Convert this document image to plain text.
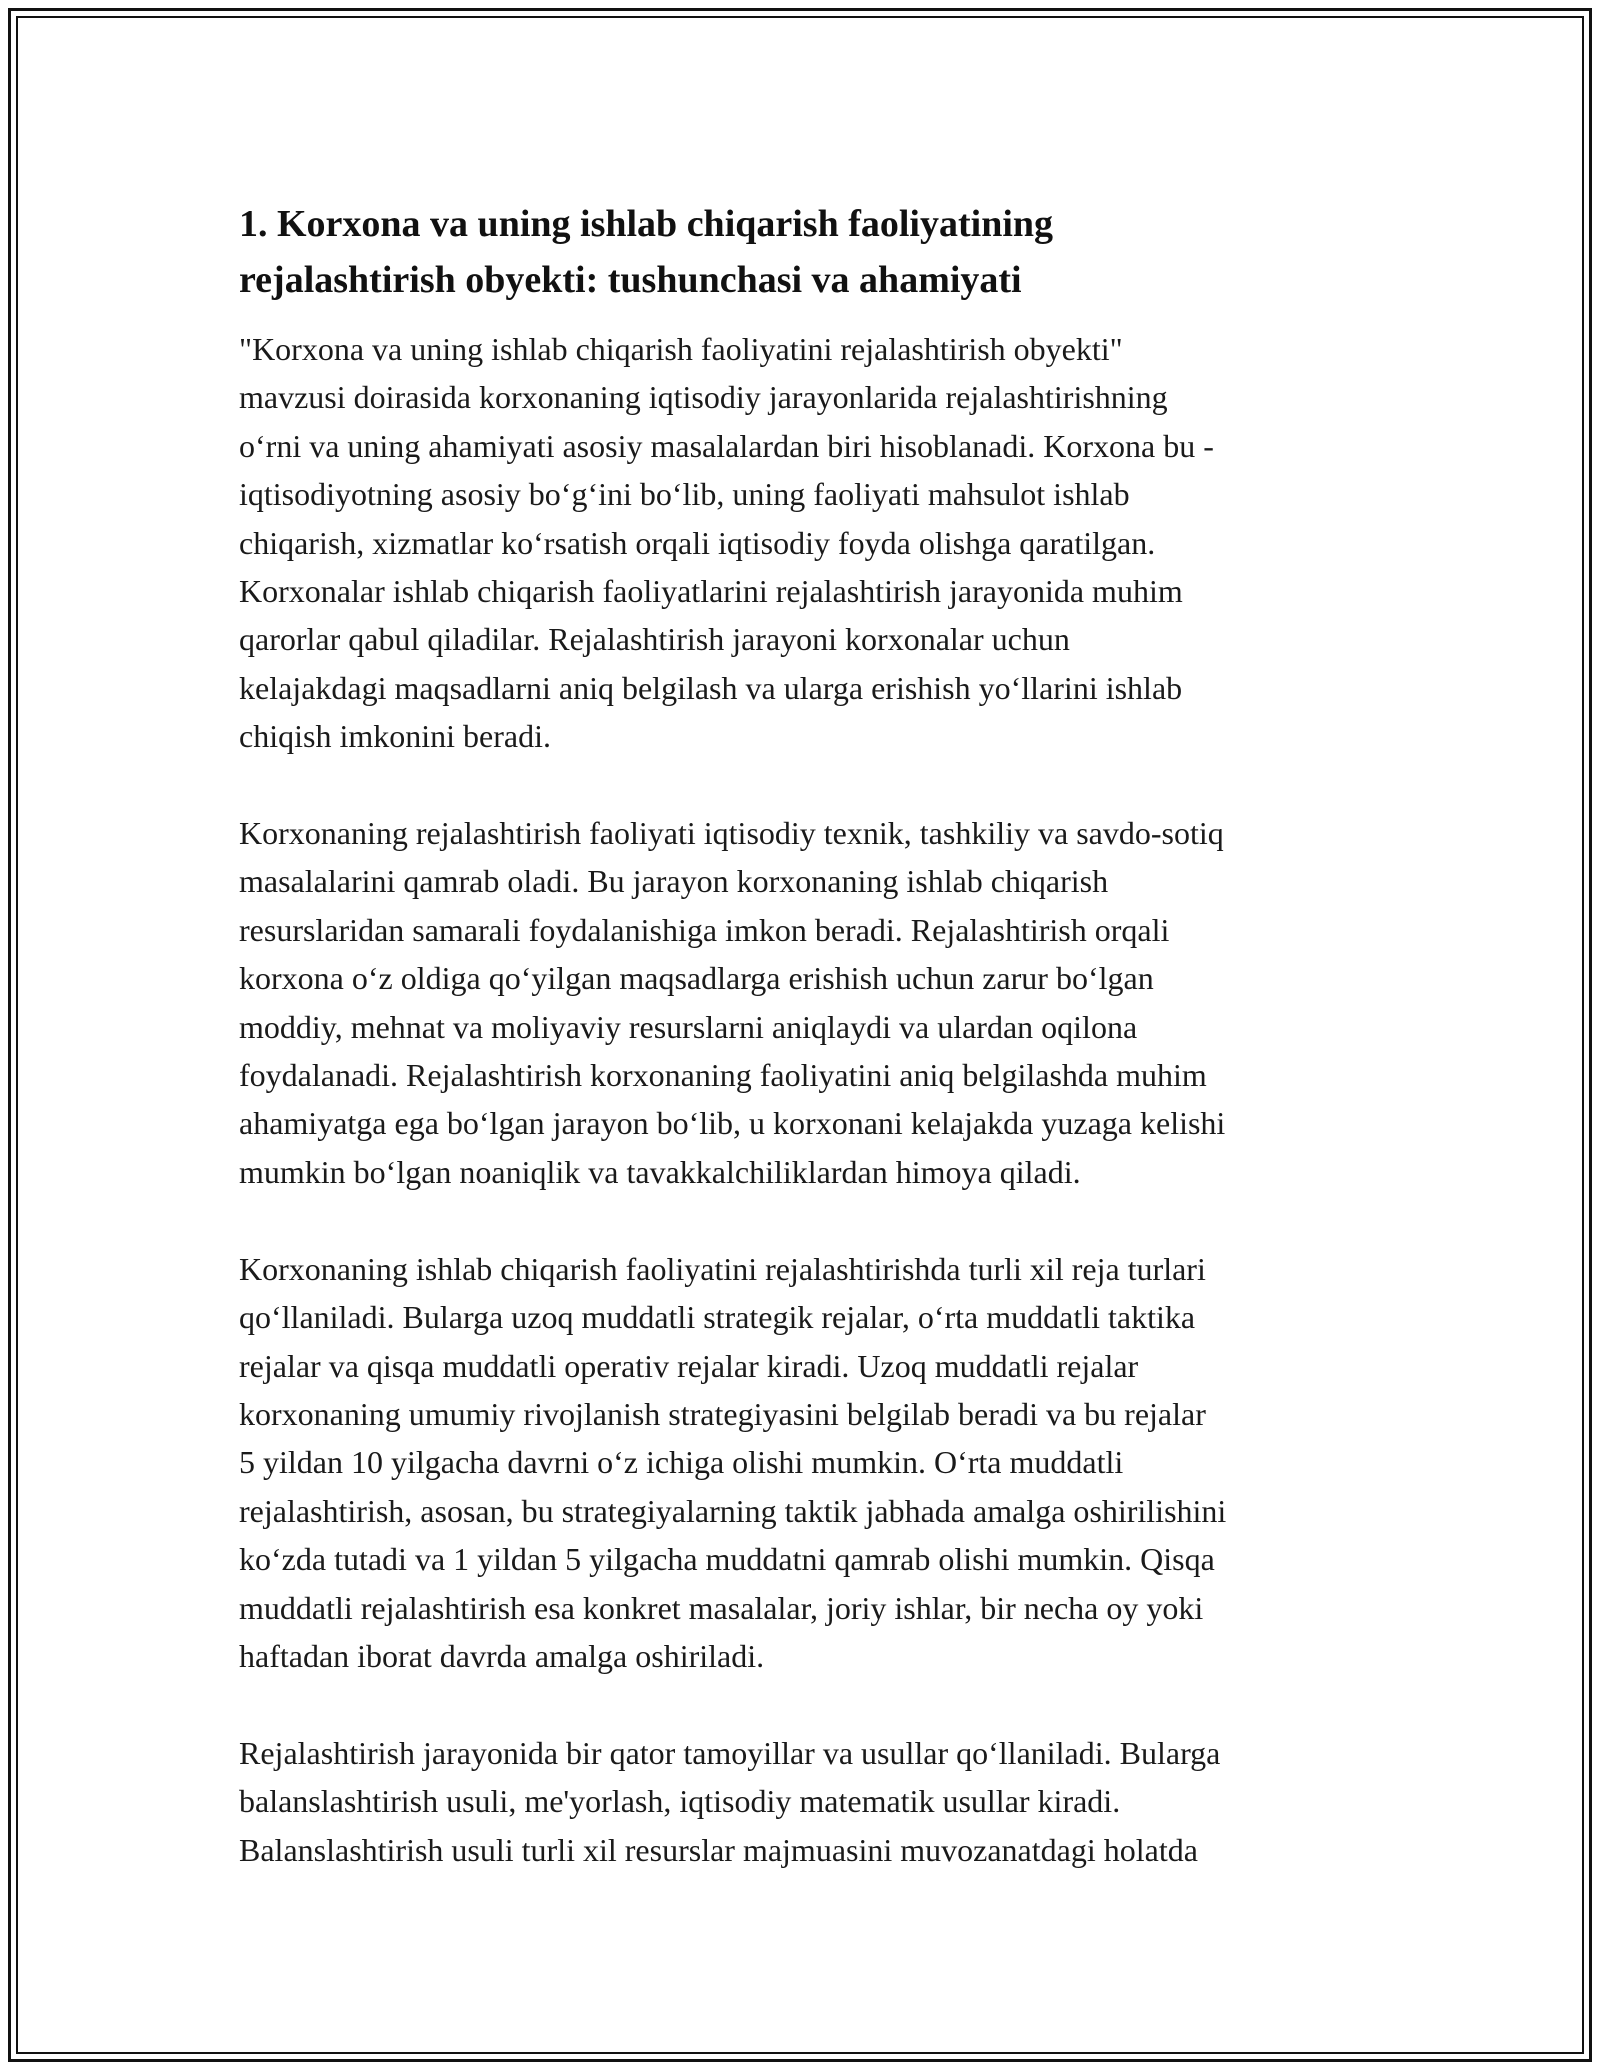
1. Korxona va uning ishlab chiqarish faoliyatining
rejalashtirish obyekti: tushunchasi va ahamiyati

"Korxona va uning ishlab chiqarish faoliyatini rejalashtirish obyekti"
mavzusi doirasida korxonaning iqtisodiy jarayonlarida rejalashtirishning
oʻrni va uning ahamiyati asosiy masalalardan biri hisoblanadi. Korxona bu -
iqtisodiyotning asosiy boʻgʻini boʻlib, uning faoliyati mahsulot ishlab
chiqarish, xizmatlar koʻrsatish orqali iqtisodiy foyda olishga qaratilgan.
Korxonalar ishlab chiqarish faoliyatlarini rejalashtirish jarayonida muhim
qarorlar qabul qiladilar. Rejalashtirish jarayoni korxonalar uchun
kelajakdagi maqsadlarni aniq belgilash va ularga erishish yoʻllarini ishlab
chiqish imkonini beradi.

Korxonaning rejalashtirish faoliyati iqtisodiy texnik, tashkiliy va savdo-sotiq
masalalarini qamrab oladi. Bu jarayon korxonaning ishlab chiqarish
resurslaridan samarali foydalanishiga imkon beradi. Rejalashtirish orqali
korxona oʻz oldiga qoʻyilgan maqsadlarga erishish uchun zarur boʻlgan
moddiy, mehnat va moliyaviy resurslarni aniqlaydi va ulardan oqilona
foydalanadi. Rejalashtirish korxonaning faoliyatini aniq belgilashda muhim
ahamiyatga ega boʻlgan jarayon boʻlib, u korxonani kelajakda yuzaga kelishi
mumkin boʻlgan noaniqlik va tavakkalchiliklardan himoya qiladi.

Korxonaning ishlab chiqarish faoliyatini rejalashtirishda turli xil reja turlari
qoʻllaniladi. Bularga uzoq muddatli strategik rejalar, oʻrta muddatli taktika
rejalar va qisqa muddatli operativ rejalar kiradi. Uzoq muddatli rejalar
korxonaning umumiy rivojlanish strategiyasini belgilab beradi va bu rejalar
5 yildan 10 yilgacha davrni oʻz ichiga olishi mumkin. Oʻrta muddatli
rejalashtirish, asosan, bu strategiyalarning taktik jabhada amalga oshirilishini
koʻzda tutadi va 1 yildan 5 yilgacha muddatni qamrab olishi mumkin. Qisqa
muddatli rejalashtirish esa konkret masalalar, joriy ishlar, bir necha oy yoki
haftadan iborat davrda amalga oshiriladi.

Rejalashtirish jarayonida bir qator tamoyillar va usullar qoʻllaniladi. Bularga
balanslashtirish usuli, me'yorlash, iqtisodiy matematik usullar kiradi.
Balanslashtirish usuli turli xil resurslar majmuasini muvozanatdagi holatda
